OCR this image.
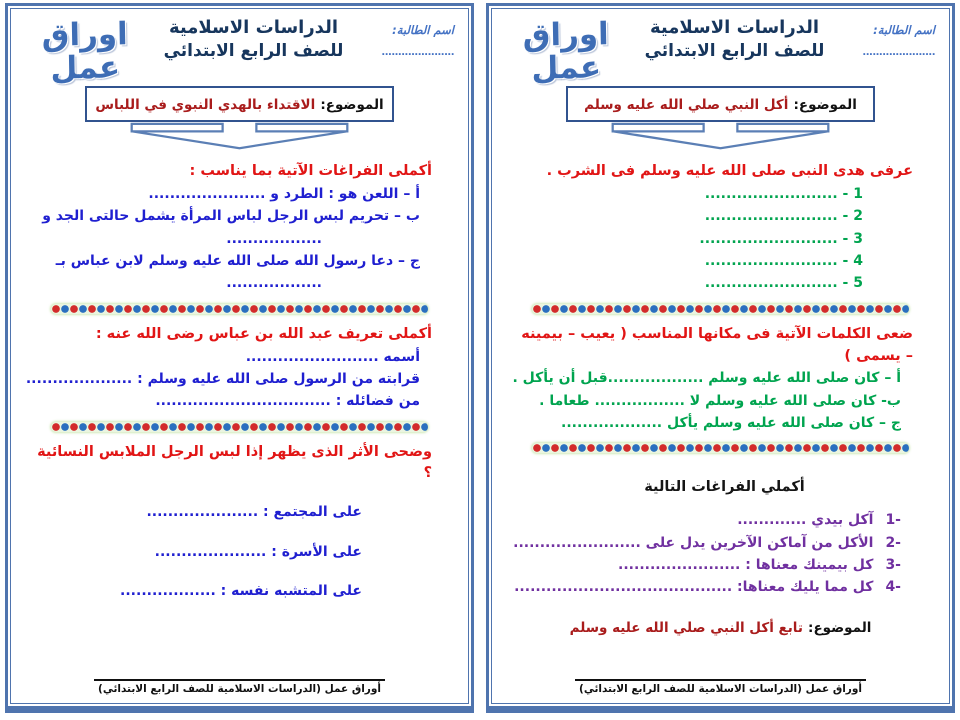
اسم الطالبة:
......................
الدراسات الاسلامية
للصف الرابع الابتدائي
اوراق عمل
الموضوع: الاقتداء بالهدي النبوي في اللباس
أكملى الفراغات الآتية بما يناسب :
أ – اللعن هو : الطرد و ......................
ب – تحريم لبس الرجل لباس المرأة يشمل حالتى الجد و
..................
ج – دعا رسول الله صلى الله عليه وسلم لابن عباس بـ
..................
أكملى تعريف عبد الله بن عباس رضى الله عنه :
أسمه .........................
قرابته من الرسول صلى الله عليه وسلم : ....................
من فضائله : .................................
وضحى الأثر الذى يظهر إذا لبس الرجل الملابس النسائية ؟
على المجتمع : .....................
على الأسرة : .....................
على المتشبه نفسه : ..................
أوراق عمل (الدراسات الاسلامية للصف الرابع الابتدائي)
اسم الطالبة:
......................
الدراسات الاسلامية
للصف الرابع الابتدائي
اوراق عمل
الموضوع: أكل النبي صلي الله عليه وسلم
عرفى هدى النبى صلى الله عليه وسلم فى الشرب .
1 - .........................
2 - .........................
3 - ..........................
4 - .........................
5 - .........................
ضعى الكلمات الآتية فى مكانها المناسب ( يعيب – بيمينه – يسمى )
أ – كان صلى الله عليه وسلم ..................قبل أن يأكل .
ب- كان صلى الله عليه وسلم لا ................. طعاما .
ج – كان صلى الله عليه وسلم يأكل ...................
أكملي الفراغات التالية
1-آكل بيدي .............
2-الأكل من آماكن الآخرين يدل على ........................
3-كل بيمينك معناها : .......................
4-كل مما يليك معناها: .........................................
الموضوع: تابع أكل النبي صلي الله عليه وسلم
أوراق عمل (الدراسات الاسلامية للصف الرابع الابتدائي)
